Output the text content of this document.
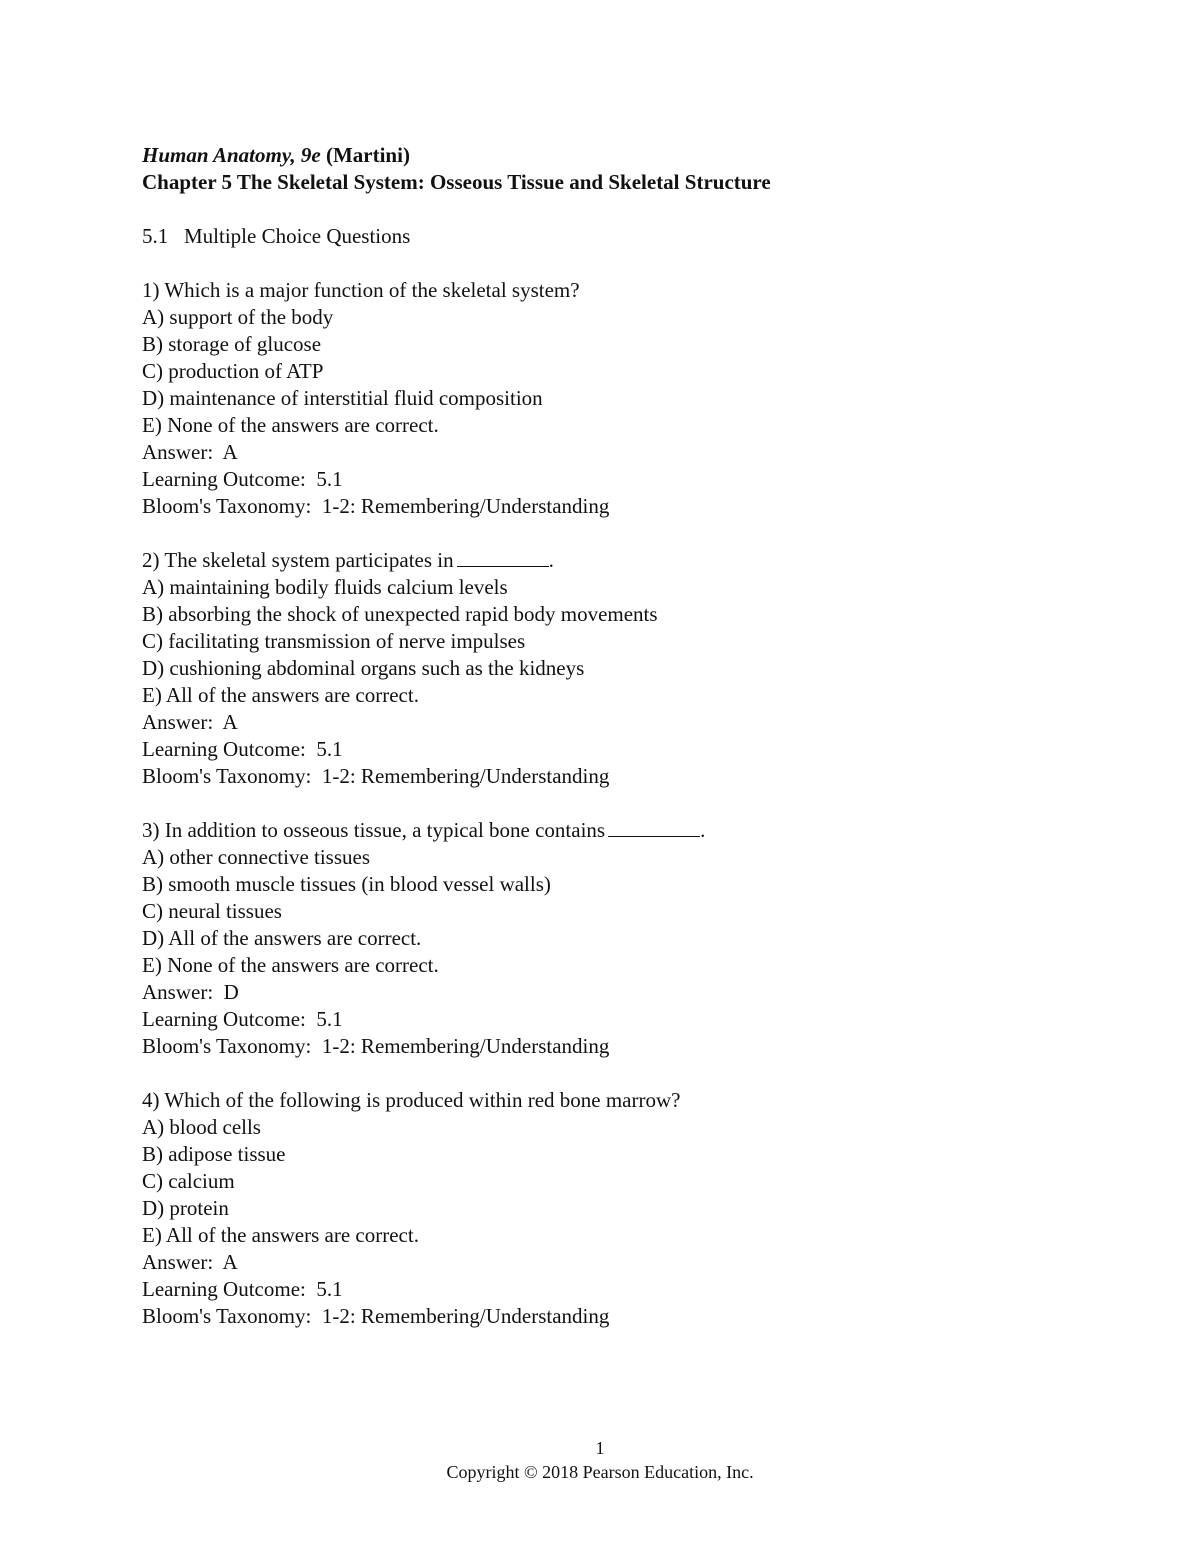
Human Anatomy, 9e (Martini)
Chapter 5 The Skeletal System: Osseous Tissue and Skeletal Structure
5.1   Multiple Choice Questions
1) Which is a major function of the skeletal system?
A) support of the body
B) storage of glucose
C) production of ATP
D) maintenance of interstitial fluid composition
E) None of the answers are correct.
Answer:  A
Learning Outcome:  5.1
Bloom's Taxonomy:  1-2: Remembering/Understanding
2) The skeletal system participates in	.
A) maintaining bodily fluids calcium levels
B) absorbing the shock of unexpected rapid body movements
C) facilitating transmission of nerve impulses
D) cushioning abdominal organs such as the kidneys
E) All of the answers are correct.
Answer:  A
Learning Outcome:  5.1
Bloom's Taxonomy:  1-2: Remembering/Understanding
3) In addition to osseous tissue, a typical bone contains	.
A) other connective tissues
B) smooth muscle tissues (in blood vessel walls)
C) neural tissues
D) All of the answers are correct.
E) None of the answers are correct.
Answer:  D
Learning Outcome:  5.1
Bloom's Taxonomy:  1-2: Remembering/Understanding
4) Which of the following is produced within red bone marrow?
A) blood cells
B) adipose tissue
C) calcium
D) protein
E) All of the answers are correct.
Answer:  A
Learning Outcome:  5.1
Bloom's Taxonomy:  1-2: Remembering/Understanding
1
Copyright © 2018 Pearson Education, Inc.
